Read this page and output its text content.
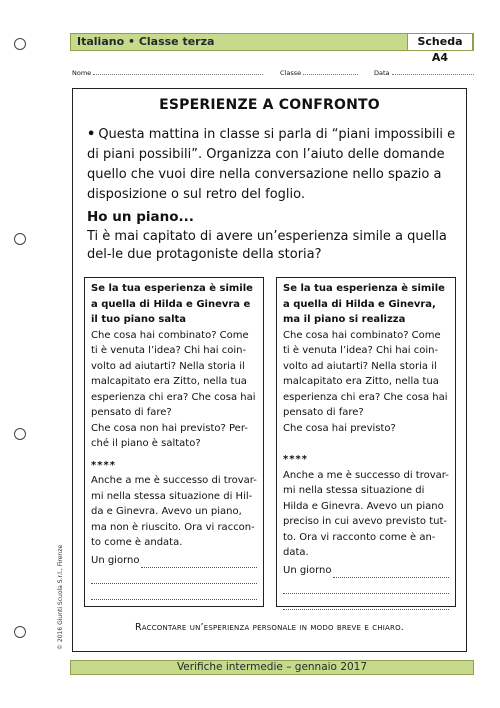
Italiano • Classe terza	Scheda A4
Nome	Classe	Data
ESPERIENZE A CONFRONTO
• Questa mattina in classe si parla di “piani impossibili e di piani possibili”. Organizza con l’aiuto delle domande quello che vuoi dire nella conversazione nello spazio a disposizione o sul retro del foglio.
Ho un piano...
Ti è mai capitato di avere un’esperienza simile a quella del-le due protagoniste della storia?
Se la tua esperienza è simile a quella di Hilda e Ginevra e il tuo piano salta
Che cosa hai combinato? Come ti è venuta l’idea? Chi hai coin-volto ad aiutarti? Nella storia il malcapitato era Zitto, nella tua esperienza chi era? Che cosa hai pensato di fare?
Che cosa non hai previsto? Per-ché il piano è saltato?
****
Anche a me è successo di trovar-mi nella stessa situazione di Hil-da e Ginevra. Avevo un piano, ma non è riuscito. Ora vi raccon-to come è andata.
Un giorno
Se la tua esperienza è simile a quella di Hilda e Ginevra, ma il piano si realizza
Che cosa hai combinato? Come ti è venuta l’idea? Chi hai coin-volto ad aiutarti? Nella storia il malcapitato era Zitto, nella tua esperienza chi era? Che cosa hai pensato di fare?
Che cosa hai previsto?
****
Anche a me è successo di trovar-mi nella stessa situazione di Hilda e Ginevra. Avevo un piano preciso in cui avevo previsto tut-to. Ora vi racconto come è an-data.
Un giorno
Raccontare un’esperienza personale in modo breve e chiaro.
© 2016 Giunti Scuola S.r.l., Firenze
Verifiche intermedie – gennaio 2017
